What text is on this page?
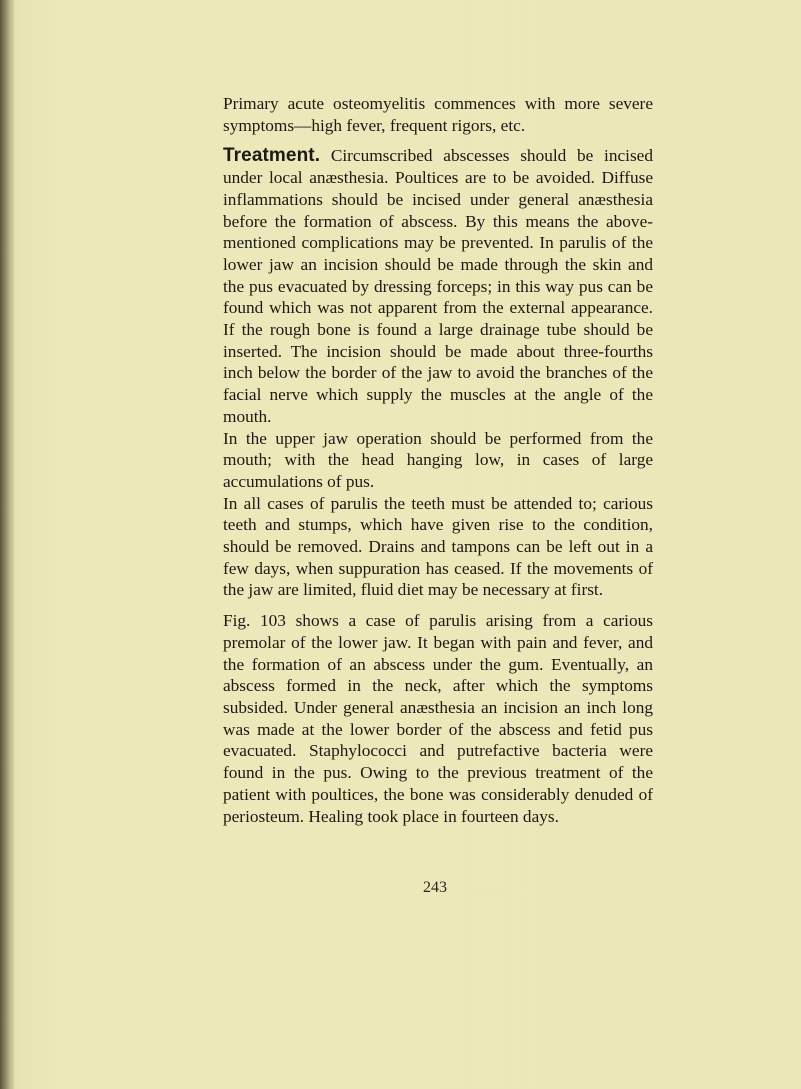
Primary acute osteomyelitis commences with more severe symptoms—high fever, frequent rigors, etc.

Treatment. Circumscribed abscesses should be incised under local anæsthesia. Poultices are to be avoided. Diffuse inflammations should be incised under general anæsthesia before the formation of abscess. By this means the above-mentioned complications may be prevented. In parulis of the lower jaw an incision should be made through the skin and the pus evacuated by dressing forceps; in this way pus can be found which was not apparent from the external appearance. If the rough bone is found a large drainage tube should be inserted. The incision should be made about three-fourths inch below the border of the jaw to avoid the branches of the facial nerve which supply the muscles at the angle of the mouth.

In the upper jaw operation should be performed from the mouth; with the head hanging low, in cases of large accumulations of pus.

In all cases of parulis the teeth must be attended to; carious teeth and stumps, which have given rise to the condition, should be removed. Drains and tampons can be left out in a few days, when suppuration has ceased. If the movements of the jaw are limited, fluid diet may be necessary at first.

Fig. 103 shows a case of parulis arising from a carious premolar of the lower jaw. It began with pain and fever, and the formation of an abscess under the gum. Eventually, an abscess formed in the neck, after which the symptoms subsided. Under general anæsthesia an incision an inch long was made at the lower border of the abscess and fetid pus evacuated. Staphylococci and putrefactive bacteria were found in the pus. Owing to the previous treatment of the patient with poultices, the bone was considerably denuded of periosteum. Healing took place in fourteen days.

243
